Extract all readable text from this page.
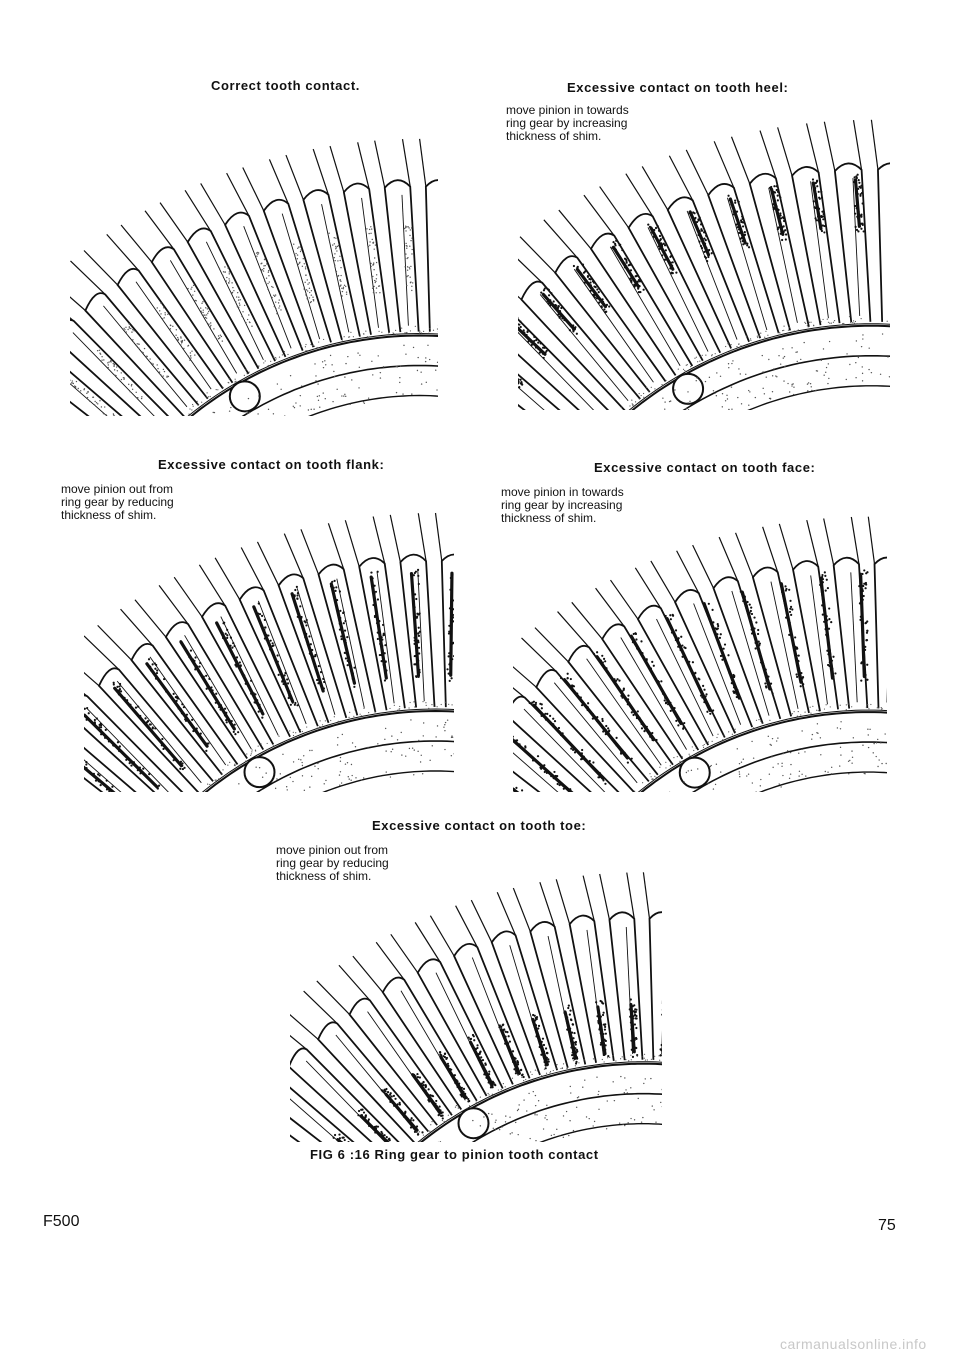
Correct tooth contact.	Excessive contact on tooth heel:
move pinion in towards
ring gear by increasing
thickness of shim.
Excessive contact on tooth flank:
move pinion out from
ring gear by reducing
thickness of shim.
Excessive contact on tooth face:
move pinion in towards
ring gear by increasing
thickness of shim.
Excessive contact on tooth toe:
move pinion out from
ring gear by reducing
thickness of shim.
FIG 6 :16 Ring gear to pinion tooth contact
F500	75
carmanualsonline.info
